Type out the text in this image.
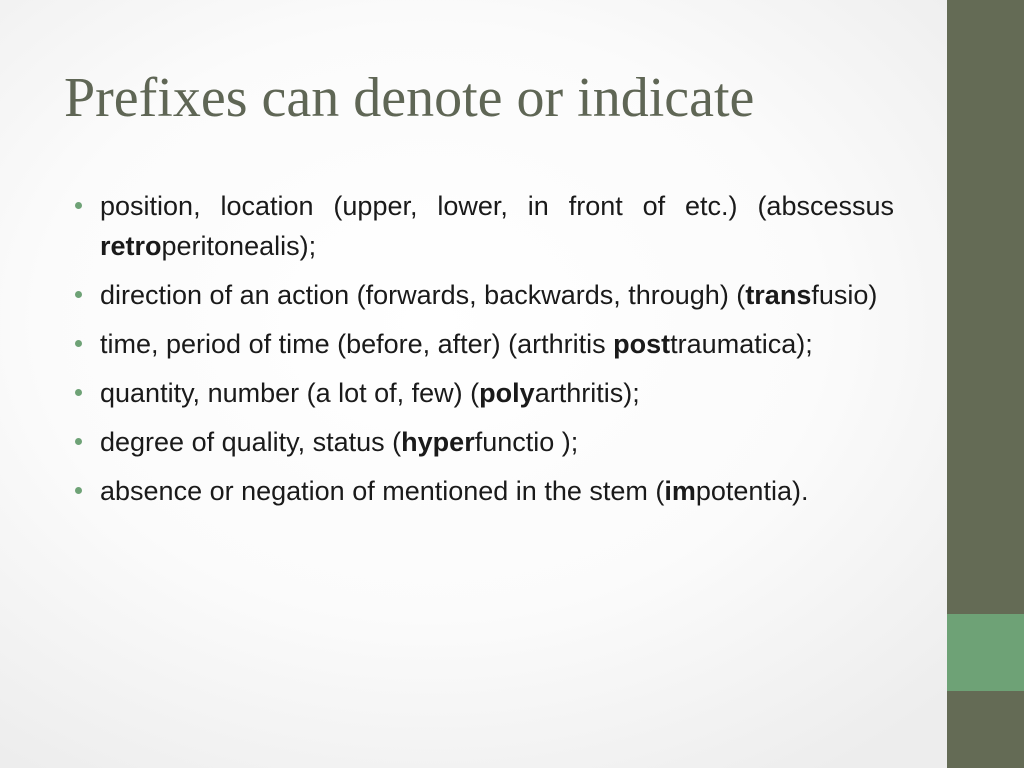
Prefixes can denote or indicate
position, location (upper, lower, in front of etc.) (abscessus retroperitonealis);
direction of an action (forwards, backwards, through) (transfusio)
time, period of time (before, after) (arthritis posttraumatica);
quantity, number (a lot of, few) (polyarthritis);
degree of quality, status (hyperfunctio );
absence or negation of mentioned in the stem (impotentia).
